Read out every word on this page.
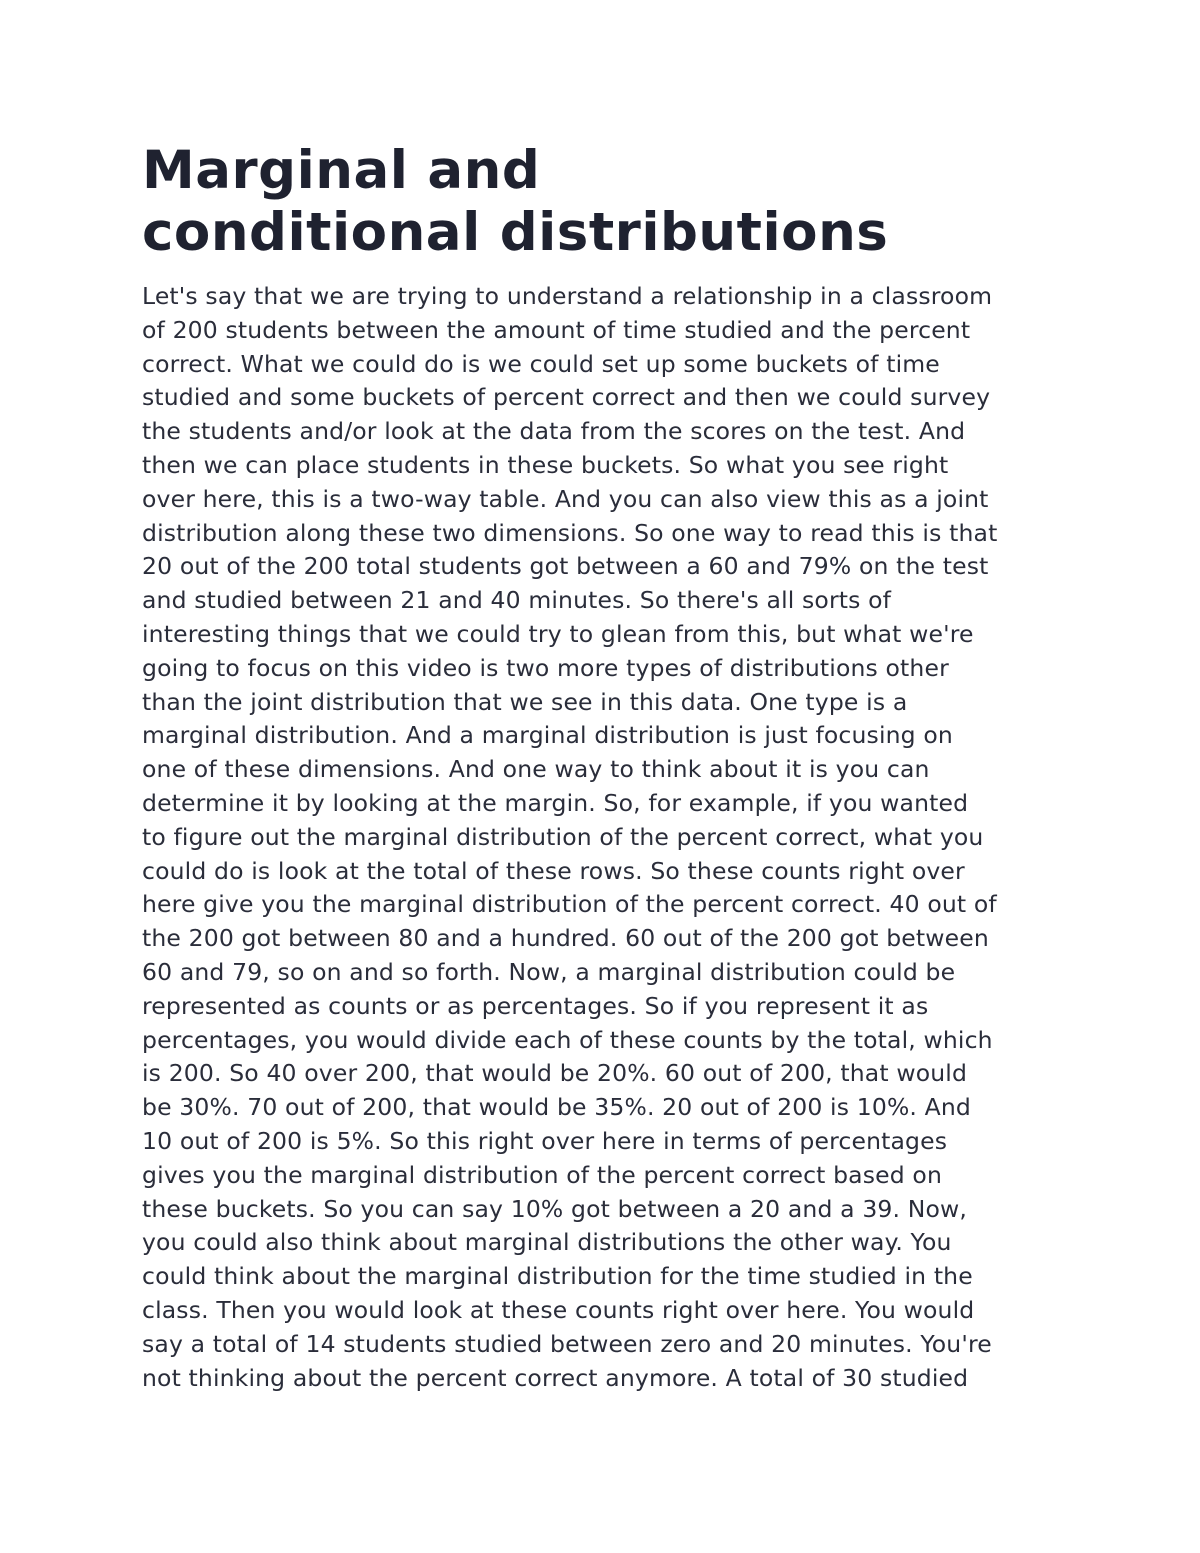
Marginal and
conditional distributions
Let's say that we are trying to understand a relationship in a classroom
of 200 students between the amount of time studied and the percent
correct. What we could do is we could set up some buckets of time
studied and some buckets of percent correct and then we could survey
the students and/or look at the data from the scores on the test. And
then we can place students in these buckets. So what you see right
over here, this is a two-way table. And you can also view this as a joint
distribution along these two dimensions. So one way to read this is that
20 out of the 200 total students got between a 60 and 79% on the test
and studied between 21 and 40 minutes. So there's all sorts of
interesting things that we could try to glean from this, but what we're
going to focus on this video is two more types of distributions other
than the joint distribution that we see in this data. One type is a
marginal distribution. And a marginal distribution is just focusing on
one of these dimensions. And one way to think about it is you can
determine it by looking at the margin. So, for example, if you wanted
to figure out the marginal distribution of the percent correct, what you
could do is look at the total of these rows. So these counts right over
here give you the marginal distribution of the percent correct. 40 out of
the 200 got between 80 and a hundred. 60 out of the 200 got between
60 and 79, so on and so forth. Now, a marginal distribution could be
represented as counts or as percentages. So if you represent it as
percentages, you would divide each of these counts by the total, which
is 200. So 40 over 200, that would be 20%. 60 out of 200, that would
be 30%. 70 out of 200, that would be 35%. 20 out of 200 is 10%. And
10 out of 200 is 5%. So this right over here in terms of percentages
gives you the marginal distribution of the percent correct based on
these buckets. So you can say 10% got between a 20 and a 39. Now,
you could also think about marginal distributions the other way. You
could think about the marginal distribution for the time studied in the
class. Then you would look at these counts right over here. You would
say a total of 14 students studied between zero and 20 minutes. You're
not thinking about the percent correct anymore. A total of 30 studied
